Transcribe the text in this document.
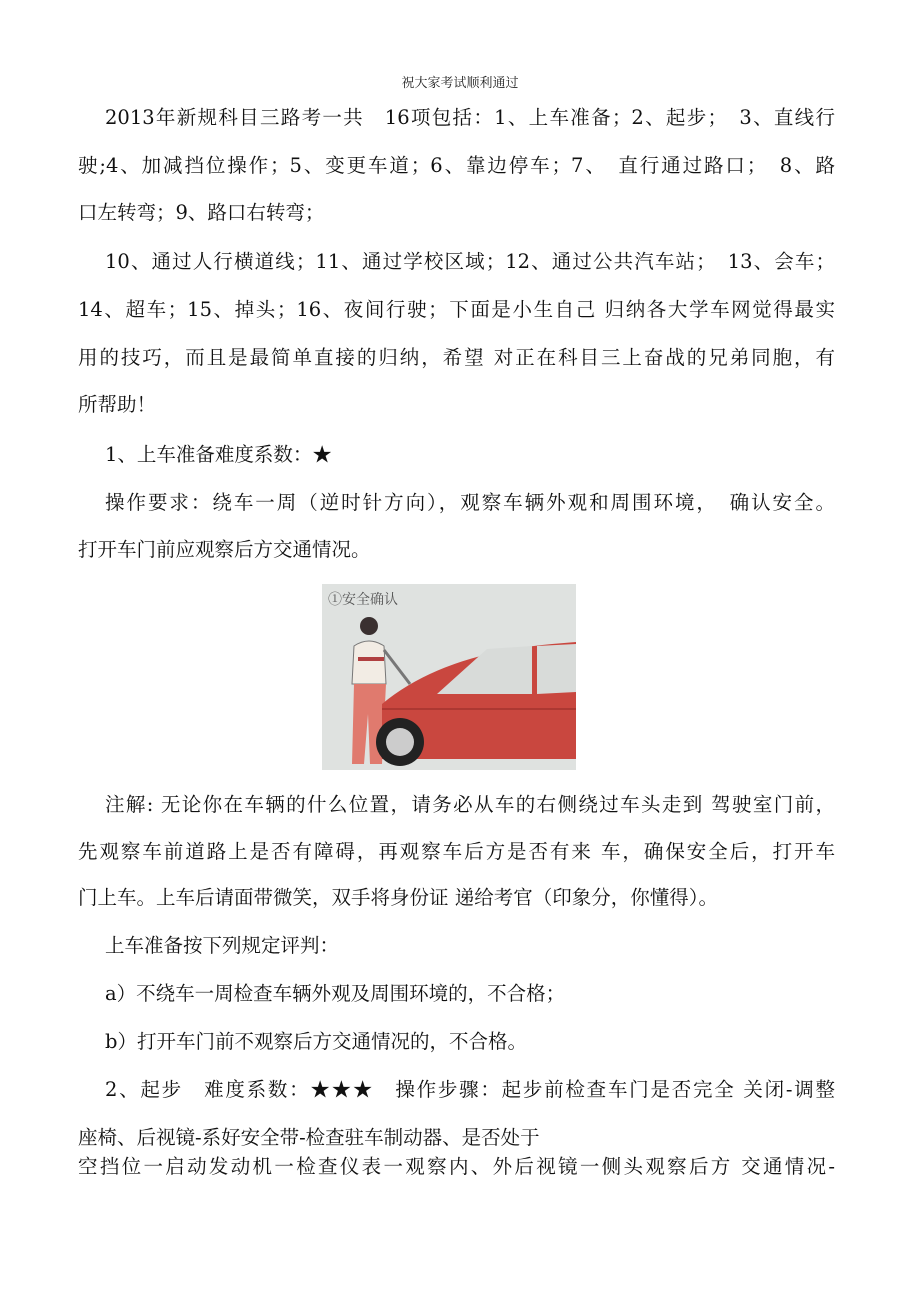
祝大家考试顺利通过
2013年新规科目三路考一共　16项包括：1、上车准备；2、起步；　3、直线行
驶;4、加减挡位操作；5、变更车道；6、靠边停车；7、　直行通过路口；　8、路
口左转弯；9、路口右转弯；
10、通过人行横道线；11、通过学校区域；12、通过公共汽车站；　13、会车；
14、超车；15、掉头；16、夜间行驶；下面是小生自己 归纳各大学车网觉得最实
用的技巧，而且是最简单直接的归纳，希望 对正在科目三上奋战的兄弟同胞，有
所帮助！
1、上车准备难度系数：★
操作要求：绕车一周（逆时针方向），观察车辆外观和周围环境，　确认安全。
打开车门前应观察后方交通情况。
①安全确认
注解: 无论你在车辆的什么位置，请务必从车的右侧绕过车头走到 驾驶室门前，
先观察车前道路上是否有障碍，再观察车后方是否有来 车，确保安全后，打开车
门上车。上车后请面带微笑，双手将身份证 递给考官（印象分，你懂得）。
上车准备按下列规定评判：
a）不绕车一周检查车辆外观及周围环境的，不合格；
b）打开车门前不观察后方交通情况的，不合格。
2、起步　难度系数：★★★　操作步骤：起步前检查车门是否完全 关闭-调整
座椅、后视镜-系好安全带-检查驻车制动器、是否处于
空挡位一启动发动机一检查仪表一观察内、外后视镜一侧头观察后方 交通情况-
